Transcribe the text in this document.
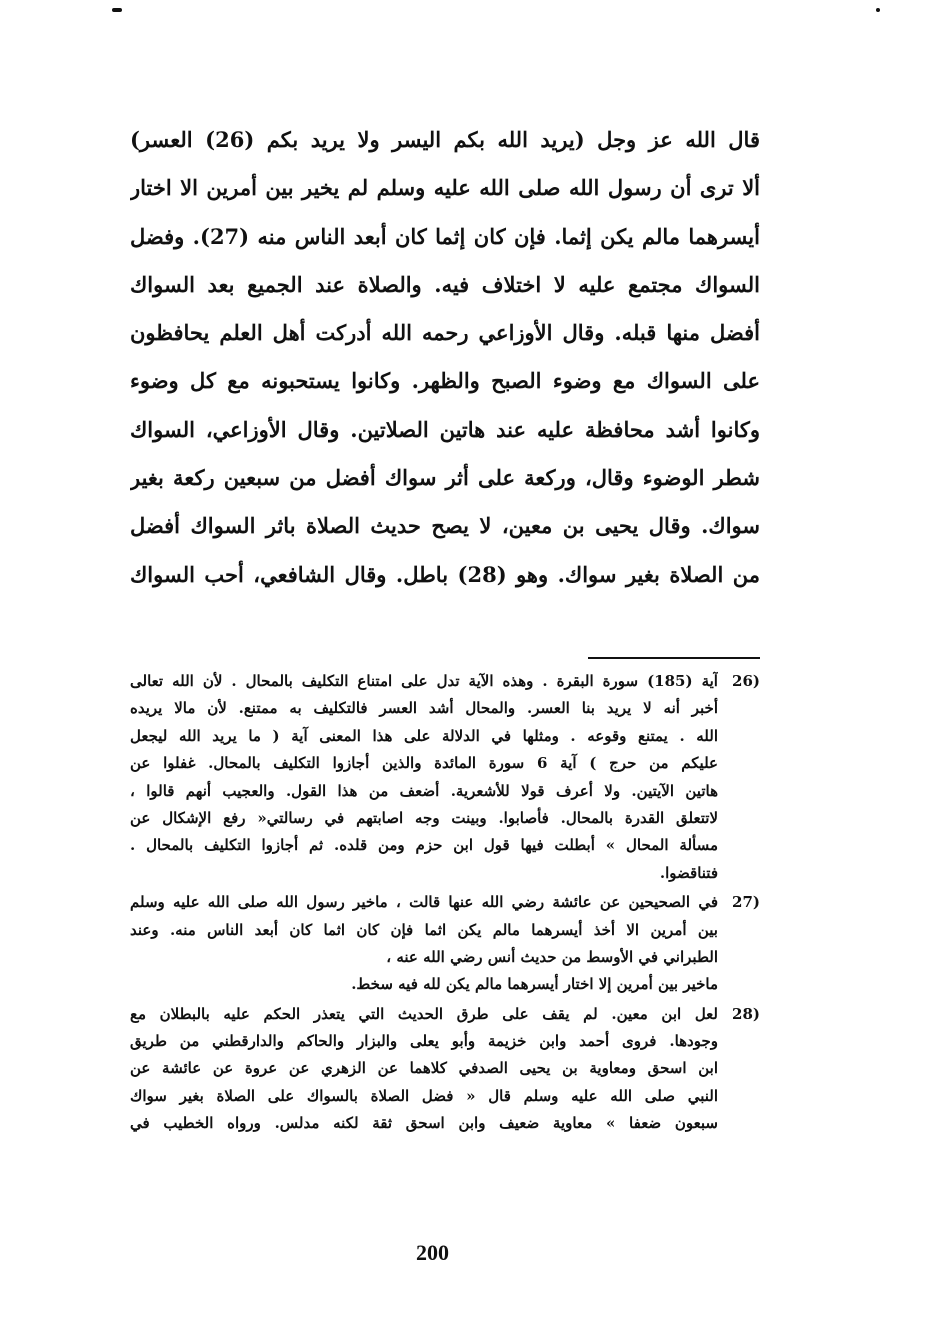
قال الله عز وجل (يريد الله بكم اليسر ولا يريد بكم (26) العسر)
ألا ترى أن رسول الله صلى الله عليه وسلم لم يخير بين أمرين الا اختار
أيسرهما مالم يكن إثما. فإن كان إثما كان أبعد الناس منه (27). وفضل
السواك مجتمع عليه لا اختلاف فيه. والصلاة عند الجميع بعد السواك
أفضل منها قبله. وقال الأوزاعي رحمه الله أدركت أهل العلم يحافظون
على السواك مع وضوء الصبح والظهر. وكانوا يستحبونه مع كل وضوء
وكانوا أشد محافظة عليه عند هاتين الصلاتين. وقال الأوزاعي، السواك
شطر الوضوء وقال، وركعة على أثر سواك أفضل من سبعين ركعة بغير
سواك. وقال يحيى بن معين، لا يصح حديث الصلاة باثر السواك أفضل
من الصلاة بغير سواك. وهو (28) باطل. وقال الشافعي، أحب السواك
26)
آية (185) سورة البقرة . وهذه الآية تدل على امتناع التكليف بالمحال . لأن الله تعالى
أخبر أنه لا يريد بنا العسر. والمحال أشد العسر فالتكليف به ممتنع. لأن مالا يريده
الله . يمتنع وقوعه . ومثلها في الدلالة على هذا المعنى آية ( ما يريد الله ليجعل
عليكم من حرج ) آية 6 سورة المائدة والذين أجازوا التكليف بالمحال. غفلوا عن
هاتين الآيتين. ولا أعرف قولا للأشعرية. أضعف من هذا القول. والعجيب أنهم قالوا ،
لاتتعلق القدرة بالمحال. فأصابوا. وبينت وجه اصابتهم في رسالتي« رفع الإشكال عن
مسألة المحال » أبطلت فيها قول ابن حزم ومن قلده. ثم أجازوا التكليف بالمحال .
فتناقضوا.
27)
في الصحيحين عن عائشة رضي الله عنها قالت ، ماخير رسول الله صلى الله عليه وسلم
بين أمرين الا أخذ أيسرهما مالم يكن اثما فإن كان اثما كان أبعد الناس منه. وعند
الطبراني في الأوسط من حديث أنس رضي الله عنه ،
ماخير بين أمرين إلا اختار أيسرهما مالم يكن لله فيه سخط.
28)
لعل ابن معين. لم يقف على طرق الحديث التي يتعذر الحكم عليه بالبطلان مع
وجودها. فروى أحمد وابن خزيمة وأبو يعلى والبزار والحاكم والدارقطني من طريق
ابن اسحق ومعاوية بن يحيى الصدفي كلاهما عن الزهري عن عروة عن عائشة عن
النبي صلى الله عليه وسلم قال « فضل الصلاة بالسواك على الصلاة بغير سواك
سبعون ضعفا » معاوية ضعيف وابن اسحق ثقة لكنه مدلس. ورواه الخطيب في
200
